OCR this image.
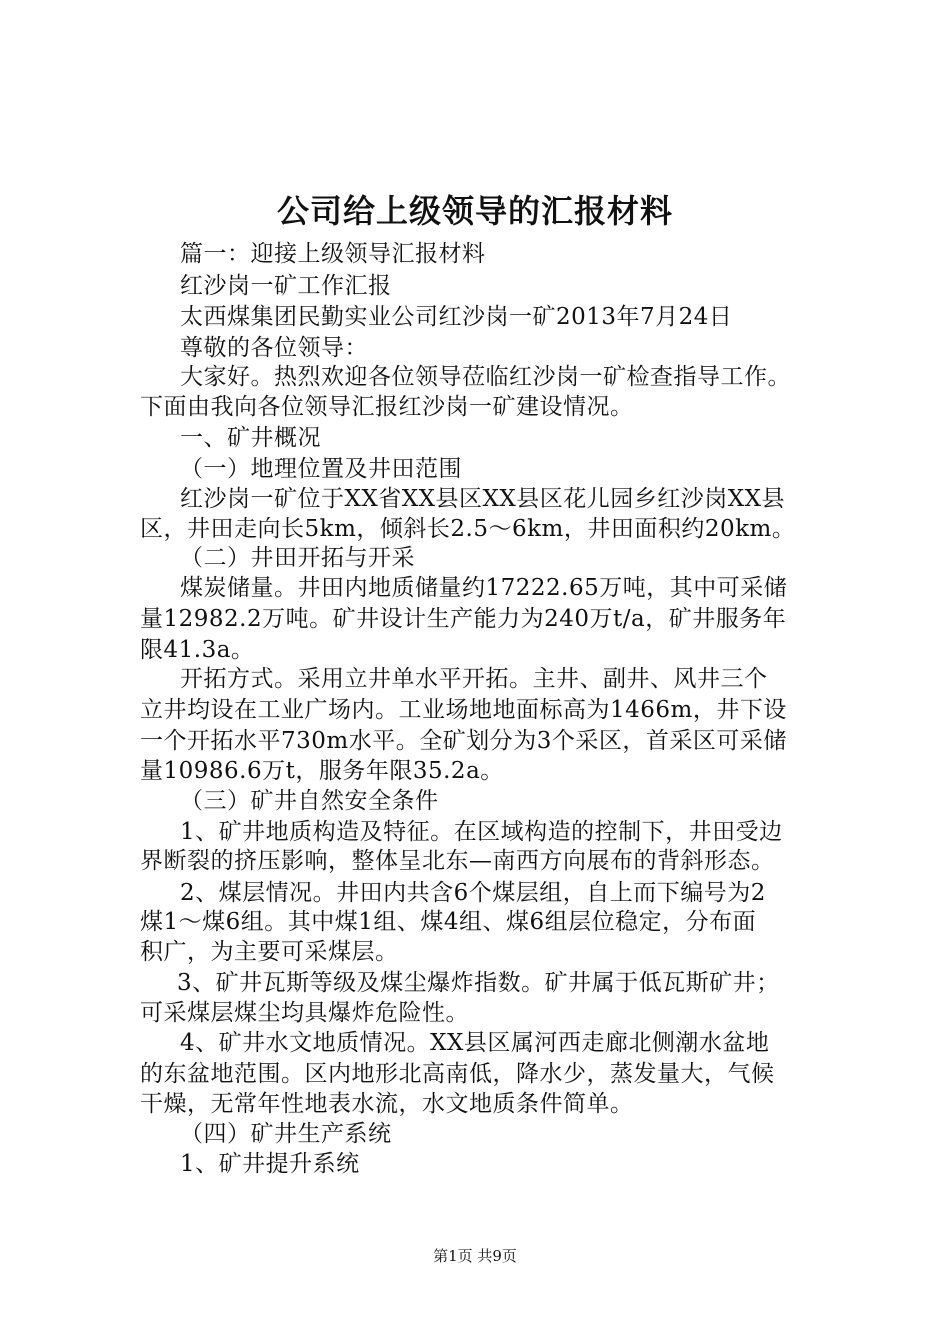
公司给上级领导的汇报材料
篇一：迎接上级领导汇报材料
红沙岗一矿工作汇报
太西煤集团民勤实业公司红沙岗一矿2013年7月24日
尊敬的各位领导：
大家好。热烈欢迎各位领导莅临红沙岗一矿检查指导工作。
下面由我向各位领导汇报红沙岗一矿建设情况。
一、矿井概况
（一）地理位置及井田范围
红沙岗一矿位于XX省XX县区XX县区花儿园乡红沙岗XX县
区，井田走向长5km，倾斜长2.5～6km，井田面积约20km。
（二）井田开拓与开采
煤炭储量。井田内地质储量约17222.65万吨，其中可采储
量12982.2万吨。矿井设计生产能力为240万t/a，矿井服务年
限41.3a。
开拓方式。采用立井单水平开拓。主井、副井、风井三个
立井均设在工业广场内。工业场地地面标高为1466m，井下设
一个开拓水平730m水平。全矿划分为3个采区，首采区可采储
量10986.6万t，服务年限35.2a。
（三）矿井自然安全条件
1、矿井地质构造及特征。在区域构造的控制下，井田受边
界断裂的挤压影响，整体呈北东—南西方向展布的背斜形态。
2、煤层情况。井田内共含6个煤层组，自上而下编号为2
煤1～煤6组。其中煤1组、煤4组、煤6组层位稳定，分布面
积广，为主要可采煤层。
3、矿井瓦斯等级及煤尘爆炸指数。矿井属于低瓦斯矿井；
可采煤层煤尘均具爆炸危险性。
4、矿井水文地质情况。XX县区属河西走廊北侧潮水盆地
的东盆地范围。区内地形北高南低，降水少，蒸发量大，气候
干燥，无常年性地表水流，水文地质条件简单。
（四）矿井生产系统
1、矿井提升系统
第1页 共9页
